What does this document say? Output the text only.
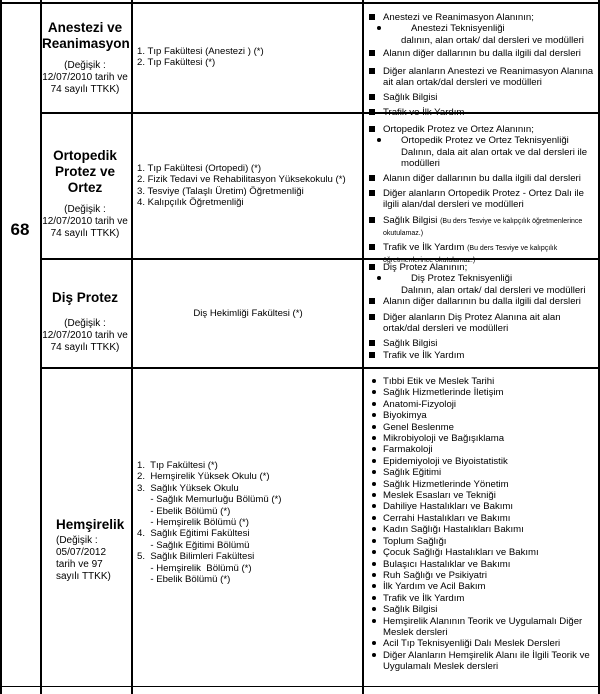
68
Anestezi ve Reanimasyon
(Değişik : 12/07/2010 tarih ve 74 sayılı TTKK)
1. Tıp Fakültesi (Anestezi ) (*)
2. Tıp Fakültesi (*)
Anestezi ve Reanimasyon Alanının;
Anestezi Teknisyenliği
dalının, alan ortak/ dal dersleri ve modülleri
Alanın diğer dallarının bu dalla ilgili dal dersleri
Diğer alanların Anestezi ve Reanimasyon Alanına ait alan ortak/dal dersleri ve modülleri
Sağlık Bilgisi
Trafik ve İlk Yardım
Ortopedik Protez ve Ortez
(Değişik : 12/07/2010 tarih ve 74 sayılı TTKK)
1. Tıp Fakültesi (Ortopedi) (*)
2. Fizik Tedavi ve Rehabilitasyon Yüksekokulu (*)
3. Tesviye (Talaşlı Üretim) Öğretmenliği
4. Kalıpçılık Öğretmenliği
Ortopedik Protez ve Ortez Alanının;
Ortopedik Protez ve Ortez Teknisyenliği Dalının, dala ait alan ortak ve dal dersleri ile modülleri
Alanın diğer dallarının bu dalla ilgili dal dersleri
Diğer alanların Ortopedik Protez - Ortez Dalı ile ilgili alan/dal dersleri ve modülleri
Sağlık Bilgisi (Bu ders Tesviye ve kalıpçılık öğretmenlerince okutulamaz.)
Trafik ve İlk Yardım (Bu ders Tesviye ve kalıpçılık öğretmenlerince okutulamaz.)
Diş Protez
(Değişik : 12/07/2010 tarih ve 74 sayılı TTKK)
Diş Hekimliği Fakültesi (*)
Diş Protez Alanının;
Diş Protez Teknisyenliği
Dalının, alan ortak/ dal dersleri ve modülleri
Alanın diğer dallarının bu dalla ilgili dal dersleri
Diğer alanların Diş Protez Alanına ait alan ortak/dal dersleri ve modülleri
Sağlık Bilgisi
Trafik ve İlk Yardım
Hemşirelik
(Değişik : 05/07/2012 tarih ve 97 sayılı TTKK)
1.  Tıp Fakültesi (*)
2.  Hemşirelik Yüksek Okulu (*)
3.  Sağlık Yüksek Okulu
- Sağlık Memurluğu Bölümü (*)
- Ebelik Bölümü (*)
- Hemşirelik Bölümü (*)
4.  Sağlık Eğitimi Fakültesi
- Sağlık Eğitimi Bölümü
5.  Sağlık Bilimleri Fakültesi
- Hemşirelik  Bölümü (*)
- Ebelik Bölümü (*)
Tıbbi Etik ve Meslek Tarihi
Sağlık Hizmetlerinde İletişim
Anatomi-Fizyoloji
Biyokimya
Genel Beslenme
Mikrobiyoloji ve Bağışıklama
Farmakoloji
Epidemiyoloji ve Biyoistatistik
Sağlık Eğitimi
Sağlık Hizmetlerinde Yönetim
Meslek Esasları ve Tekniği
Dahiliye Hastalıkları ve Bakımı
Cerrahi Hastalıkları ve Bakımı
Kadın Sağlığı Hastalıkları Bakımı
Toplum Sağlığı
Çocuk Sağlığı Hastalıkları ve Bakımı
Bulaşıcı Hastalıklar ve Bakımı
Ruh Sağlığı ve Psikiyatri
İlk Yardım ve Acil Bakım
Trafik ve İlk Yardım
Sağlık Bilgisi
Hemşirelik Alanının Teorik ve Uygulamalı Diğer Meslek dersleri
Acil Tıp Teknisyenliği Dalı Meslek Dersleri
Diğer Alanların Hemşirelik Alanı ile İlgili Teorik ve Uygulamalı Meslek dersleri
